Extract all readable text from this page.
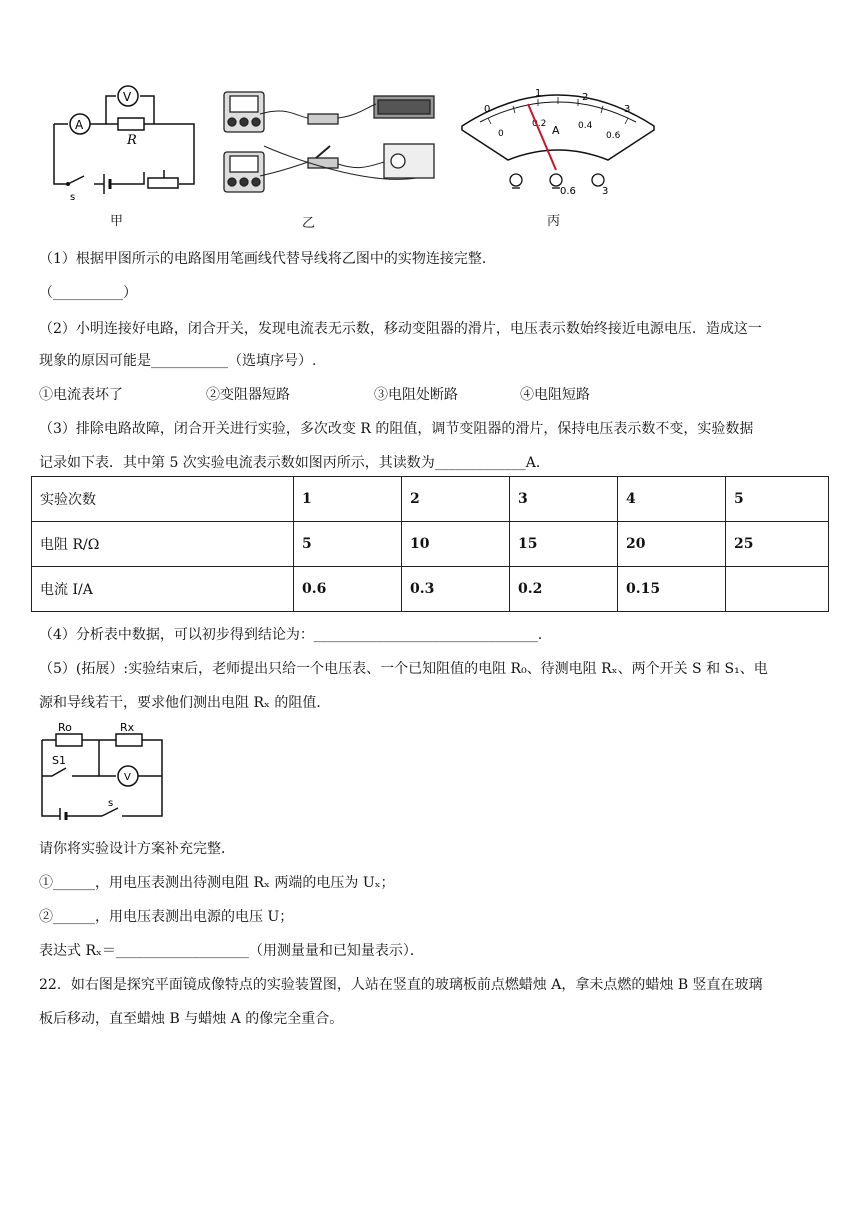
A
V
R
s
甲	乙
0
1	2
3
0
0.2	0.4
0.6
A
0.6	3
丙
（1）根据甲图所示的电路图用笔画线代替导线将乙图中的实物连接完整．
（__________）
（2）小明连接好电路，闭合开关，发现电流表无示数，移动变阻器的滑片，电压表示数始终接近电源电压．造成这一
现象的原因可能是___________（选填序号）.
①电流表坏了	②变阻器短路	③电阻处断路	④电阻短路
（3）排除电路故障，闭合开关进行实验，多次改变 R 的阻值，调节变阻器的滑片，保持电压表示数不变，实验数据
记录如下表．其中第 5 次实验电流表示数如图丙所示，其读数为_____________A．
实验次数	1	2	3	4	5
电阻 R/Ω	5	10	15	20	25
电流 I/A	0.6	0.3	0.2	0.15	
（4）分析表中数据，可以初步得到结论为：________________________________．
（5）(拓展）:实验结束后，老师提出只给一个电压表、一个已知阻值的电阻 R₀、待测电阻 Rₓ、两个开关 S 和 S₁、电
源和导线若干，要求他们测出电阻 Rₓ 的阻值．
Ro	Rx
S1
s
V
请你将实验设计方案补充完整．
①______，用电压表测出待测电阻 Rₓ 两端的电压为 Uₓ；
②______，用电压表测出电源的电压 U；
表达式 Rₓ＝___________________（用测量量和已知量表示）．
22．如右图是探究平面镜成像特点的实验装置图，人站在竖直的玻璃板前点燃蜡烛 A，拿未点燃的蜡烛 B 竖直在玻璃
板后移动，直至蜡烛 B 与蜡烛 A 的像完全重合。
